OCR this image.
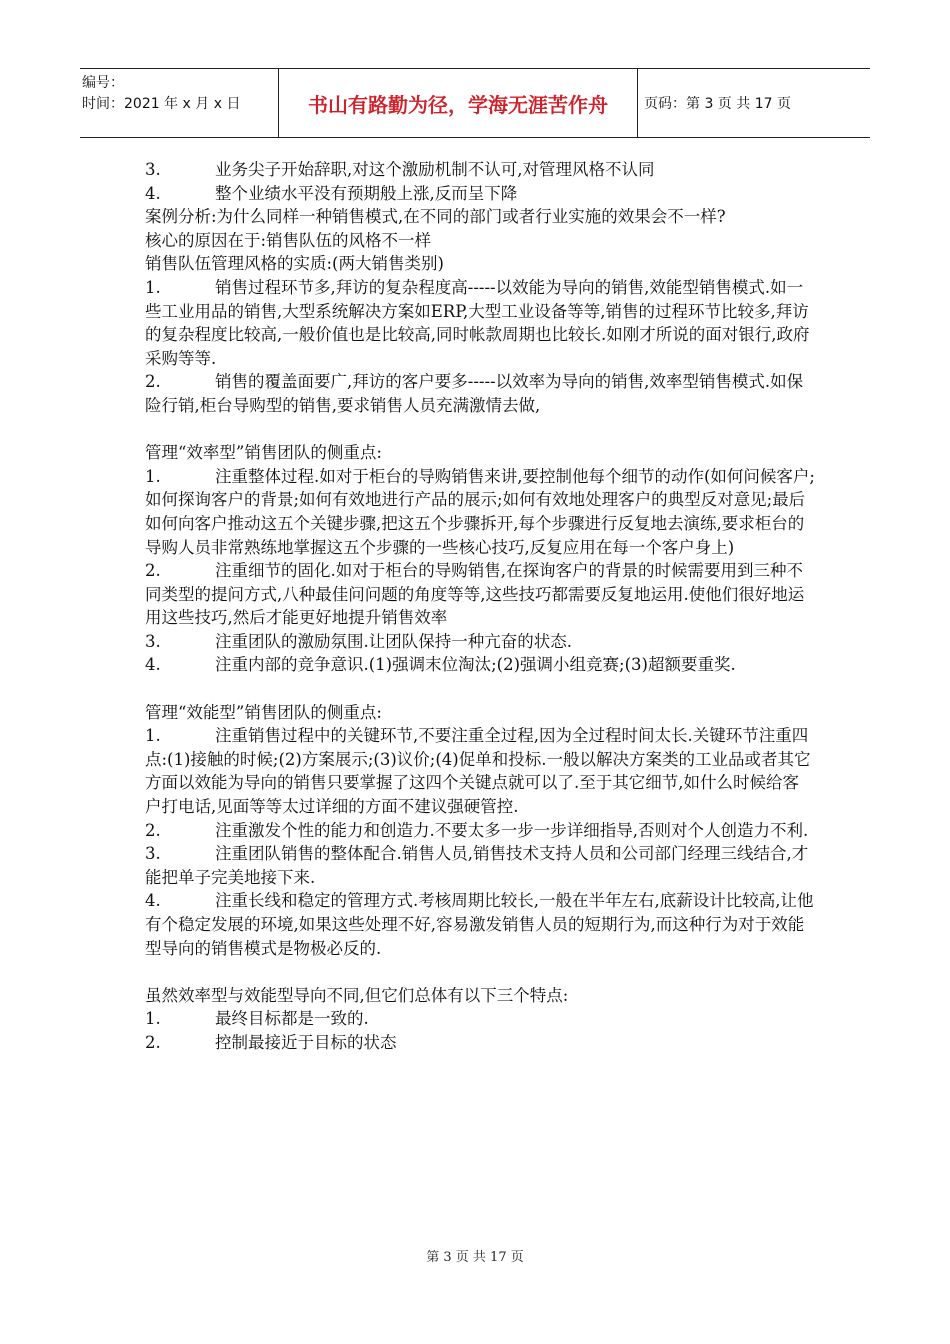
编号：
时间：2021 年 x 月 x 日	书山有路勤为径，学海无涯苦作舟	页码：第 3 页 共 17 页

3.	业务尖子开始辞职,对这个激励机制不认可,对管理风格不认同

4.	整个业绩水平没有预期般上涨,反而呈下降

案例分析:为什么同样一种销售模式,在不同的部门或者行业实施的效果会不一样?

核心的原因在于:销售队伍的风格不一样

销售队伍管理风格的实质:(两大销售类别)

1.	销售过程环节多,拜访的复杂程度高-----以效能为导向的销售,效能型销售模式.如一些工业用品的销售,大型系统解决方案如ERP,大型工业设备等等,销售的过程环节比较多,拜访的复杂程度比较高,一般价值也是比较高,同时帐款周期也比较长.如刚才所说的面对银行,政府采购等等.

2.	销售的覆盖面要广,拜访的客户要多-----以效率为导向的销售,效率型销售模式.如保险行销,柜台导购型的销售,要求销售人员充满激情去做,

管理“效率型”销售团队的侧重点:

1.	注重整体过程.如对于柜台的导购销售来讲,要控制他每个细节的动作(如何问候客户;如何探询客户的背景;如何有效地进行产品的展示;如何有效地处理客户的典型反对意见;最后如何向客户推动这五个关键步骤,把这五个步骤拆开,每个步骤进行反复地去演练,要求柜台的导购人员非常熟练地掌握这五个步骤的一些核心技巧,反复应用在每一个客户身上)

2.	注重细节的固化.如对于柜台的导购销售,在探询客户的背景的时候需要用到三种不同类型的提问方式,八种最佳问问题的角度等等,这些技巧都需要反复地运用.使他们很好地运用这些技巧,然后才能更好地提升销售效率

3.	注重团队的激励氛围.让团队保持一种亢奋的状态.

4.	注重内部的竞争意识.(1)强调末位淘汰;(2)强调小组竞赛;(3)超额要重奖.

管理“效能型”销售团队的侧重点:

1.	注重销售过程中的关键环节,不要注重全过程,因为全过程时间太长.关键环节注重四点:(1)接触的时候;(2)方案展示;(3)议价;(4)促单和投标.一般以解决方案类的工业品或者其它方面以效能为导向的销售只要掌握了这四个关键点就可以了.至于其它细节,如什么时候给客户打电话,见面等等太过详细的方面不建议强硬管控.

2.	注重激发个性的能力和创造力.不要太多一步一步详细指导,否则对个人创造力不利.

3.	注重团队销售的整体配合.销售人员,销售技术支持人员和公司部门经理三线结合,才能把单子完美地接下来.

4.	注重长线和稳定的管理方式.考核周期比较长,一般在半年左右,底薪设计比较高,让他有个稳定发展的环境,如果这些处理不好,容易激发销售人员的短期行为,而这种行为对于效能型导向的销售模式是物极必反的.

虽然效率型与效能型导向不同,但它们总体有以下三个特点:

1.	最终目标都是一致的.

2.	控制最接近于目标的状态

第 3 页 共 17 页
